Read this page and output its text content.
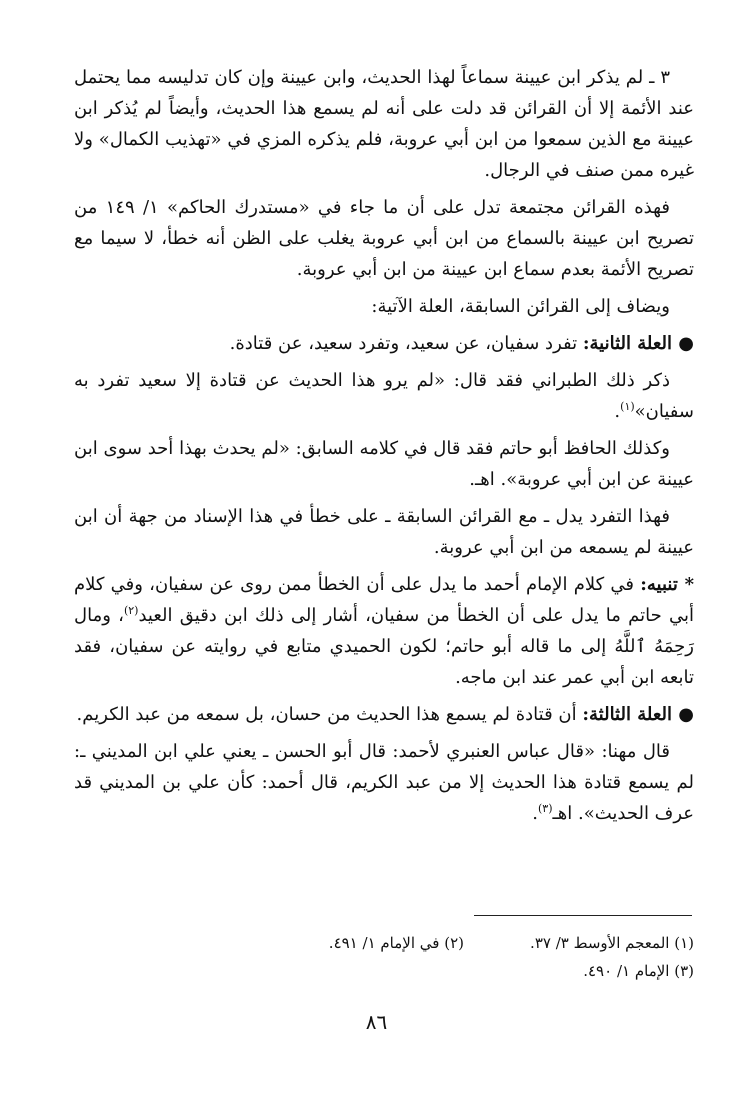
٣ ـ لم يذكر ابن عيينة سماعاً لهذا الحديث، وابن عيينة وإن كان تدليسه مما يحتمل عند الأئمة إلا أن القرائن قد دلت على أنه لم يسمع هذا الحديث، وأيضاً لم يُذكر ابن عيينة مع الذين سمعوا من ابن أبي عروبة، فلم يذكره المزي في «تهذيب الكمال» ولا غيره ممن صنف في الرجال.

فهذه القرائن مجتمعة تدل على أن ما جاء في «مستدرك الحاكم» ١/ ١٤٩ من تصريح ابن عيينة بالسماع من ابن أبي عروبة يغلب على الظن أنه خطأ، لا سيما مع تصريح الأئمة بعدم سماع ابن عيينة من ابن أبي عروبة.

ويضاف إلى القرائن السابقة، العلة الآتية:

● العلة الثانية: تفرد سفيان، عن سعيد، وتفرد سعيد، عن قتادة.

ذكر ذلك الطبراني فقد قال: «لم يرو هذا الحديث عن قتادة إلا سعيد تفرد به سفيان»$^{(١)}$.

وكذلك الحافظ أبو حاتم فقد قال في كلامه السابق: «لم يحدث بهذا أحد سوى ابن عيينة عن ابن أبي عروبة». اهـ.

فهذا التفرد يدل ـ مع القرائن السابقة ـ على خطأ في هذا الإسناد من جهة أن ابن عيينة لم يسمعه من ابن أبي عروبة.

* تنبيه: في كلام الإمام أحمد ما يدل على أن الخطأ ممن روى عن سفيان، وفي كلام أبي حاتم ما يدل على أن الخطأ من سفيان، أشار إلى ذلك ابن دقيق العيد$^{(٢)}$، ومال رَحِمَهُ ٱللَّهُ إلى ما قاله أبو حاتم؛ لكون الحميدي متابع في روايته عن سفيان، فقد تابعه ابن أبي عمر عند ابن ماجه.

● العلة الثالثة: أن قتادة لم يسمع هذا الحديث من حسان، بل سمعه من عبد الكريم.

قال مهنا: «قال عباس العنبري لأحمد: قال أبو الحسن ـ يعني علي ابن المديني ـ: لم يسمع قتادة هذا الحديث إلا من عبد الكريم، قال أحمد: كأن علي بن المديني قد عرف الحديث». اهـ$^{(٣)}$.

(١) المعجم الأوسط ٣/ ٣٧.
(٢) في الإمام ١/ ٤٩١.
(٣) الإمام ١/ ٤٩٠.
٨٦
